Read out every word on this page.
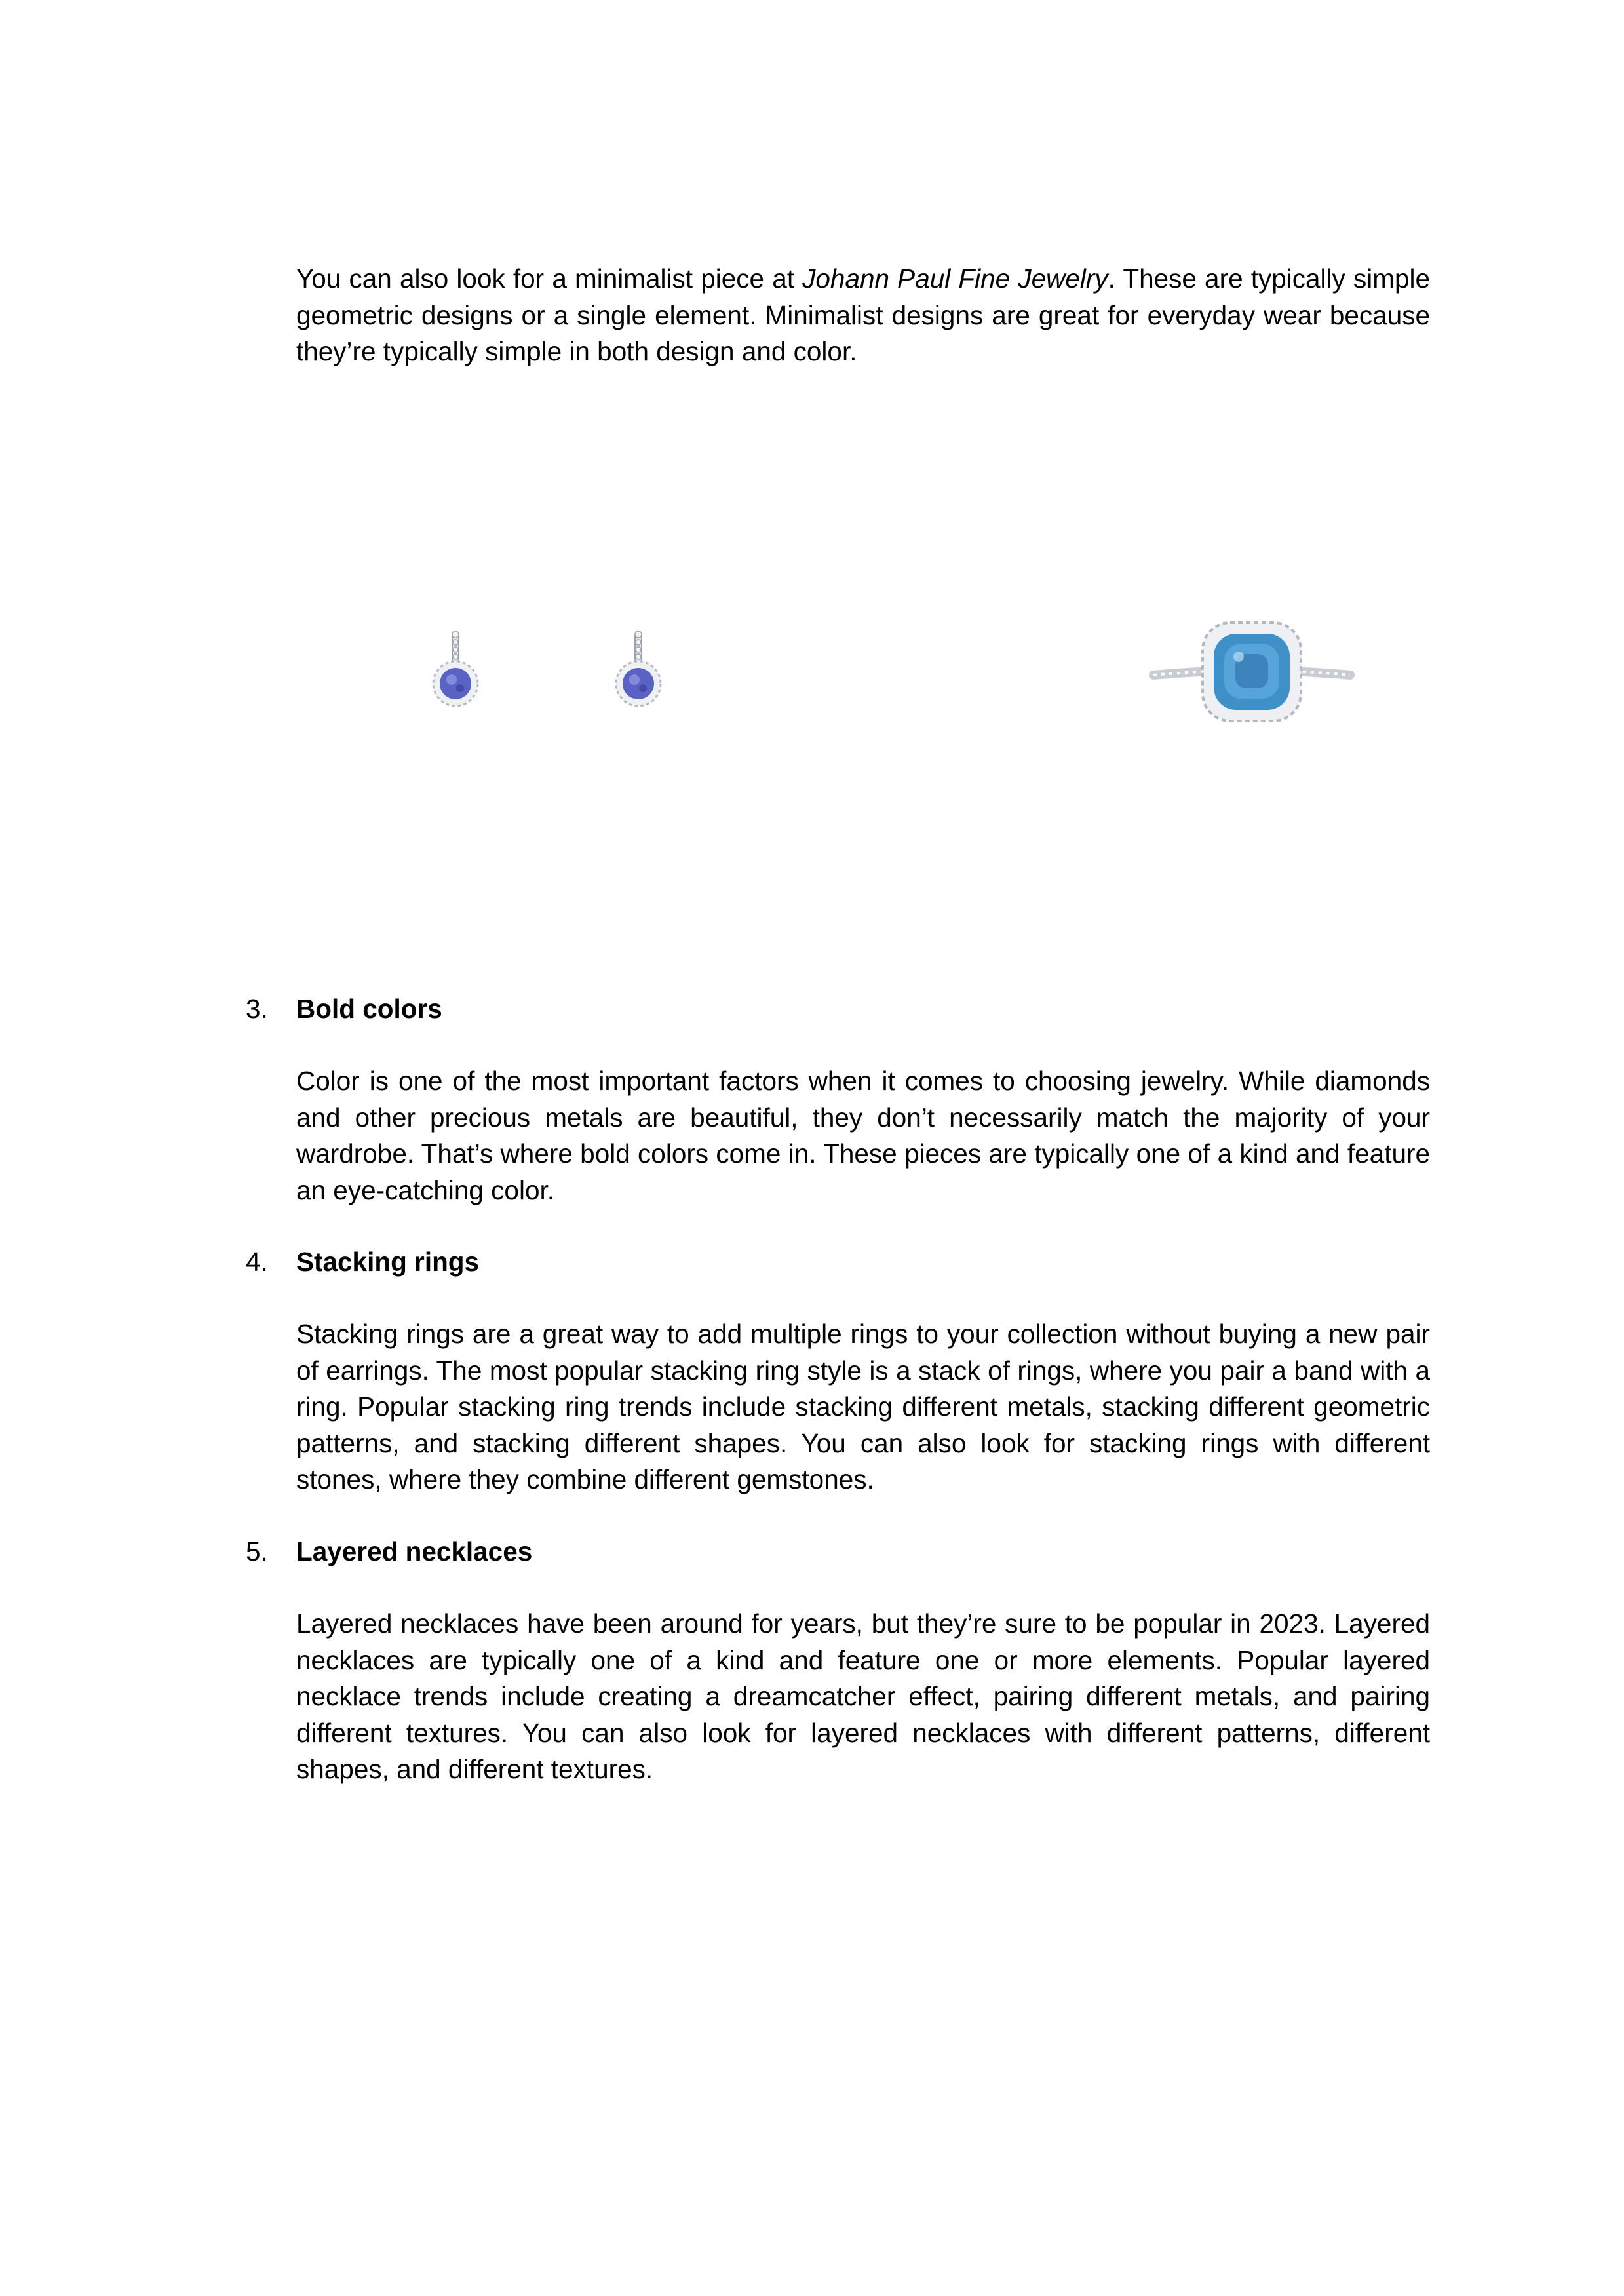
You can also look for a minimalist piece at Johann Paul Fine Jewelry. These are typically simple geometric designs or a single element. Minimalist designs are great for everyday wear because they’re typically simple in both design and color.

3. Bold colors

Color is one of the most important factors when it comes to choosing jewelry. While diamonds and other precious metals are beautiful, they don’t necessarily match the majority of your wardrobe. That’s where bold colors come in. These pieces are typically one of a kind and feature an eye-catching color.

4. Stacking rings

Stacking rings are a great way to add multiple rings to your collection without buying a new pair of earrings. The most popular stacking ring style is a stack of rings, where you pair a band with a ring. Popular stacking ring trends include stacking different metals, stacking different geometric patterns, and stacking different shapes. You can also look for stacking rings with different stones, where they combine different gemstones.

5. Layered necklaces

Layered necklaces have been around for years, but they’re sure to be popular in 2023. Layered necklaces are typically one of a kind and feature one or more elements. Popular layered necklace trends include creating a dreamcatcher effect, pairing different metals, and pairing different textures. You can also look for layered necklaces with different patterns, different shapes, and different textures.
